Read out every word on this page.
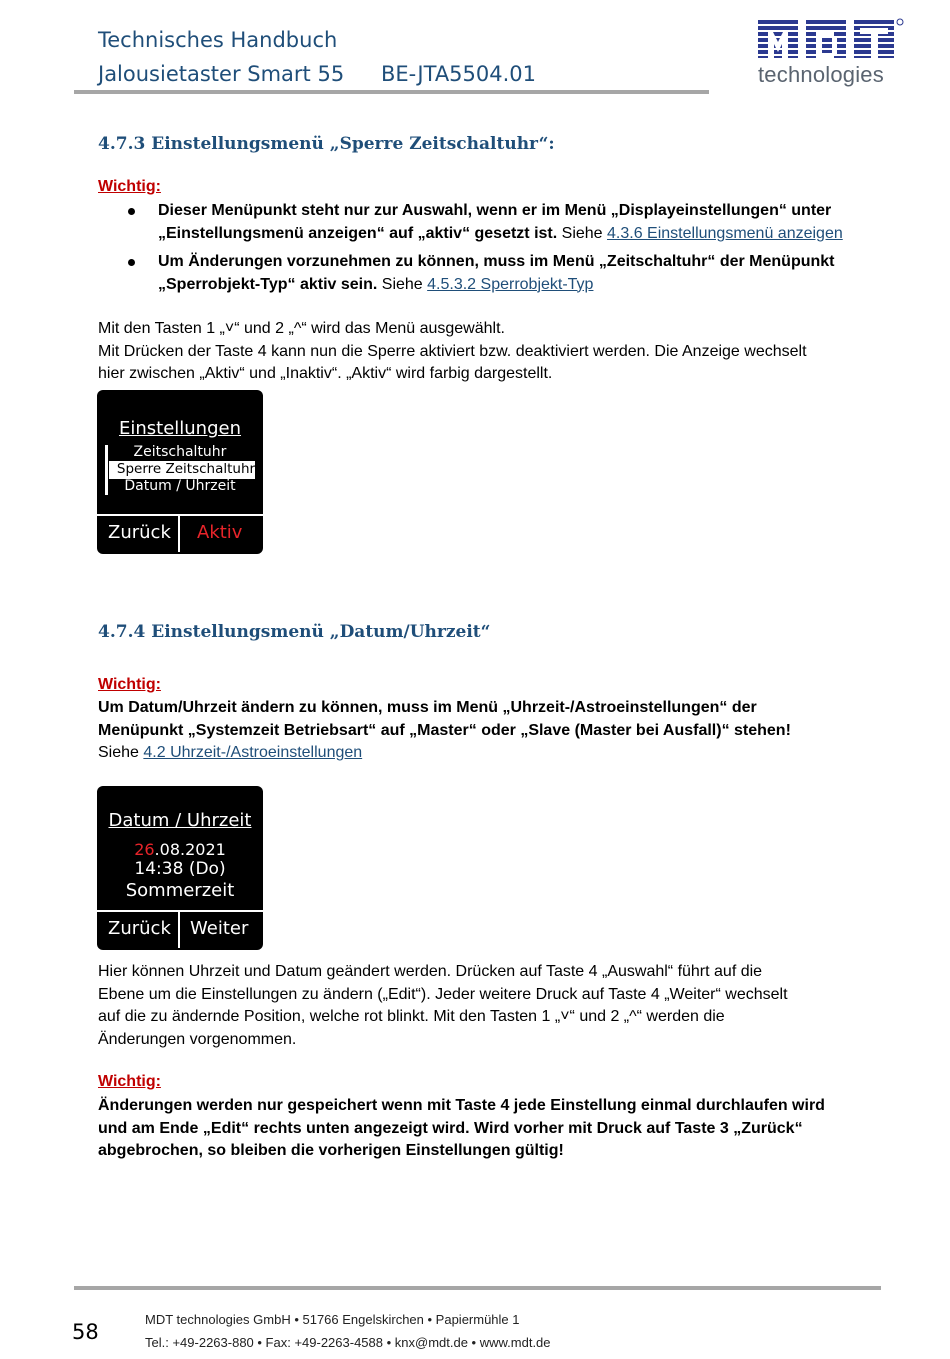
Technisches Handbuch
Jalousietaster Smart 55 BE-JTA5504.01	technologies
4.7.3 Einstellungsmenü „Sperre Zeitschaltuhr“:
Wichtig:
Dieser Menüpunkt steht nur zur Auswahl, wenn er im Menü „Displayeinstellungen“ unter
„Einstellungsmenü anzeigen“ auf „aktiv“ gesetzt ist. Siehe 4.3.6 Einstellungsmenü anzeigen
Um Änderungen vorzunehmen zu können, muss im Menü „Zeitschaltuhr“ der Menüpunkt
„Sperrobjekt-Typ“ aktiv sein. Siehe 4.5.3.2 Sperrobjekt-Typ
Mit den Tasten 1 „˅“ und 2 „^“ wird das Menü ausgewählt.
Mit Drücken der Taste 4 kann nun die Sperre aktiviert bzw. deaktiviert werden. Die Anzeige wechselt
hier zwischen „Aktiv“ und „Inaktiv“. „Aktiv“ wird farbig dargestellt.
Einstellungen
Zeitschaltuhr
Sperre Zeitschaltuhr
Datum / Uhrzeit
Zurück Aktiv
4.7.4 Einstellungsmenü „Datum/Uhrzeit“
Wichtig:
Um Datum/Uhrzeit ändern zu können, muss im Menü „Uhrzeit-/Astroeinstellungen“ der
Menüpunkt „Systemzeit Betriebsart“ auf „Master“ oder „Slave (Master bei Ausfall)“ stehen!
Siehe 4.2 Uhrzeit-/Astroeinstellungen
Datum / Uhrzeit
26.08.2021
14:38 (Do)
Sommerzeit
Zurück Weiter
Hier können Uhrzeit und Datum geändert werden. Drücken auf Taste 4 „Auswahl“ führt auf die
Ebene um die Einstellungen zu ändern („Edit“). Jeder weitere Druck auf Taste 4 „Weiter“ wechselt
auf die zu ändernde Position, welche rot blinkt. Mit den Tasten 1 „˅“ und 2 „^“ werden die
Änderungen vorgenommen.
Wichtig:
Änderungen werden nur gespeichert wenn mit Taste 4 jede Einstellung einmal durchlaufen wird
und am Ende „Edit“ rechts unten angezeigt wird. Wird vorher mit Druck auf Taste 3 „Zurück“
abgebrochen, so bleiben die vorherigen Einstellungen gültig!
58
MDT technologies GmbH • 51766 Engelskirchen • Papiermühle 1
Tel.: +49-2263-880 • Fax: +49-2263-4588 • knx@mdt.de • www.mdt.de
